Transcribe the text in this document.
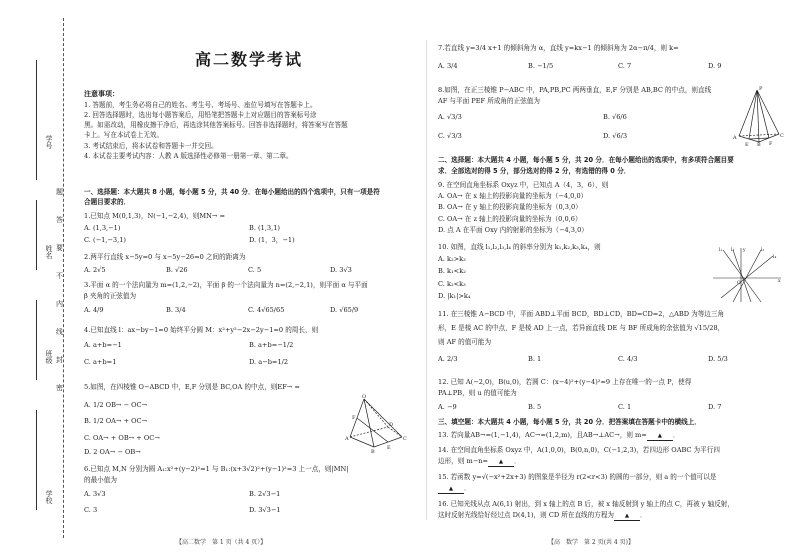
学号
姓名
班级
学校
题
答
要
不
内
线
封
密
高二数学考试
注意事项：
1. 答题前，考生务必将自己的姓名、考生号、考场号、座位号填写在答题卡上。
2. 回答选择题时，选出每小题答案后，用铅笔把答题卡上对应题目的答案标号涂
黑。如需改动，用橡皮擦干净后，再选涂其他答案标号。回答非选择题时，将答案写在答题
卡上。写在本试卷上无效。
3. 考试结束后，将本试卷和答题卡一并交回。
4. 本试卷主要考试内容：人教 A 版选择性必修第一册第一章、第二章。
一、选择题：本大题共 8 小题，每小题 5 分，共 40 分．在每小题给出的四个选项中，只有一项是符
合题目要求的．
1.已知点 M(0,1,3)，N(−1,−2,4)，则MN→ =
A. (1,3,−1)	B. (1,3,1)
C. (−1,−3,1)	D. (1，3，−1)
2.两平行直线 x−5y=0 与 x−5y−26=0 之间的距离为
A. 2√5	B. √26	C. 5	D. 3√3
3.平面 α 的一个法向量为 m=(1,2,−2)，平面 β 的一个法向量为 n=(2,−2,1)，则平面 α 与平面
β 夹角的正弦值为
A. 4/9	B. 3/4	C. 4√65/65	D. √65/9
4.已知直线 l：ax−by−1=0 始终平分圆 M：x²+y²−2x−2y−1=0 的周长，则
A. a+b=−1	B. a+b=−1/2
C. a+b=1	D. a−b=1/2
5.如图，在四棱锥 O−ABCD 中，E,F 分别是 BC,OA 的中点，则EF→ =
A. 1/2 OB→ − OC→
B. 1/2 OA→ + OC→
C. OA→ + OB→ + OC→
D. 2 OA→ − OB→
O
F
A
B
C
D
E
6.已知点 M,N 分别为圆 A₁:x²+(y−2)²=1 与 B₁:(x+3√2)²+(y−1)²=3 上一点，则|MN|
的最小值为
A. 3√3	B. 2√3−1
C. 3	D. 3√3−1
【高二数学　第 1 页（共 4 页）】
7.若直线 y=3/4 x+1 的倾斜角为 α，直线 y=kx−1 的倾斜角为 2α−π/4，则 k=
A. 3/4	B. −1/5	C. 7	D. 9
8.如图，在正三棱锥 P−ABC 中，PA,PB,PC 两两垂直，E,F 分别是 AB,BC 的中点，则直线
AF 与平面 PEF 所成角的正弦值为
A. √3/3	B. √6/6
C. √3/3	D. √6/3
P
A
B
C
E	F
二、选择题：本大题共 4 小题，每小题 5 分，共 20 分．在每小题给出的选项中，有多项符合题目要
求．全部选对的得 5 分，部分选对的得 2 分，有选错的得 0 分．
9. 在空间直角坐标系 Oxyz 中，已知点 A（4，3，6），则
A. OA→ 在 x 轴上的投影向量的坐标为（−4,0,0）
B. OA→ 在 y 轴上的投影向量的坐标为（0,3,0）
C. OA→ 在 z 轴上的投影向量的坐标为（0,0,6）
D. 点 A 在平面 Oxy 内的射影的坐标为（−4,3,0）
10. 如图，直线 l₁,l₂,l₃,l₄ 的斜率分别为 k₁,k₂,k₃,k₄，则
A. k₂>k₃
B. k₁<k₂
C. k₂<k₃
D. |k₁|>k₄
l₁ l₂	l₃
l₄
x
y
O
11. 在三棱锥 A−BCD 中，平面 ABD⊥平面 BCD，BD⊥CD，BD=CD=2，△ABD 为等边三角
形，E 是棱 AC 的中点，F 是棱 AD 上一点，若异面直线 DE 与 BF 所成角的余弦值为 √15/28，
则 AF 的值可能为
A. 2/3	B. 1	C. 4/3	D. 5/3
12. 已知 A(−2,0)，B(u,0)，若圆 C：(x−4)²+(y−4)²=9 上存在唯一的一点 P，使得
PA⊥PB，则 u 的值可能为
A. −9	B. 5	C. 1	D. 7
三、填空题：本大题共 4 小题，每小题 5 分，共 20 分．把答案填在答题卡中的横线上．
13. 若向量AB→=(1,−1,4)，AC→=(1,2,m)，且AB→⊥AC→，则 m= ▲ ．
14. 在空间直角坐标系 Oxyz 中，A(1,0,0)，B(0,n,0)，C(−1,2,3)，若四边形 OABC 为平行四
边形，则 m−n= ▲ ．
15. 若函数 y=√(−x²+2x+3) 的图象是半径为 r(2<r<3) 的圆的一部分，则 a 的一个值可以是
▲ ．
16. 已知光线从点 A(6,1) 射出，到 x 轴上的点 B 后，被 x 轴反射到 y 轴上的点 C，再被 y 轴反射，
这时反射光线恰好经过点 D(4,1)，则 CD 所在直线的方程为 ▲ ．
【高　数学　第 2 页(共 4 页)】
